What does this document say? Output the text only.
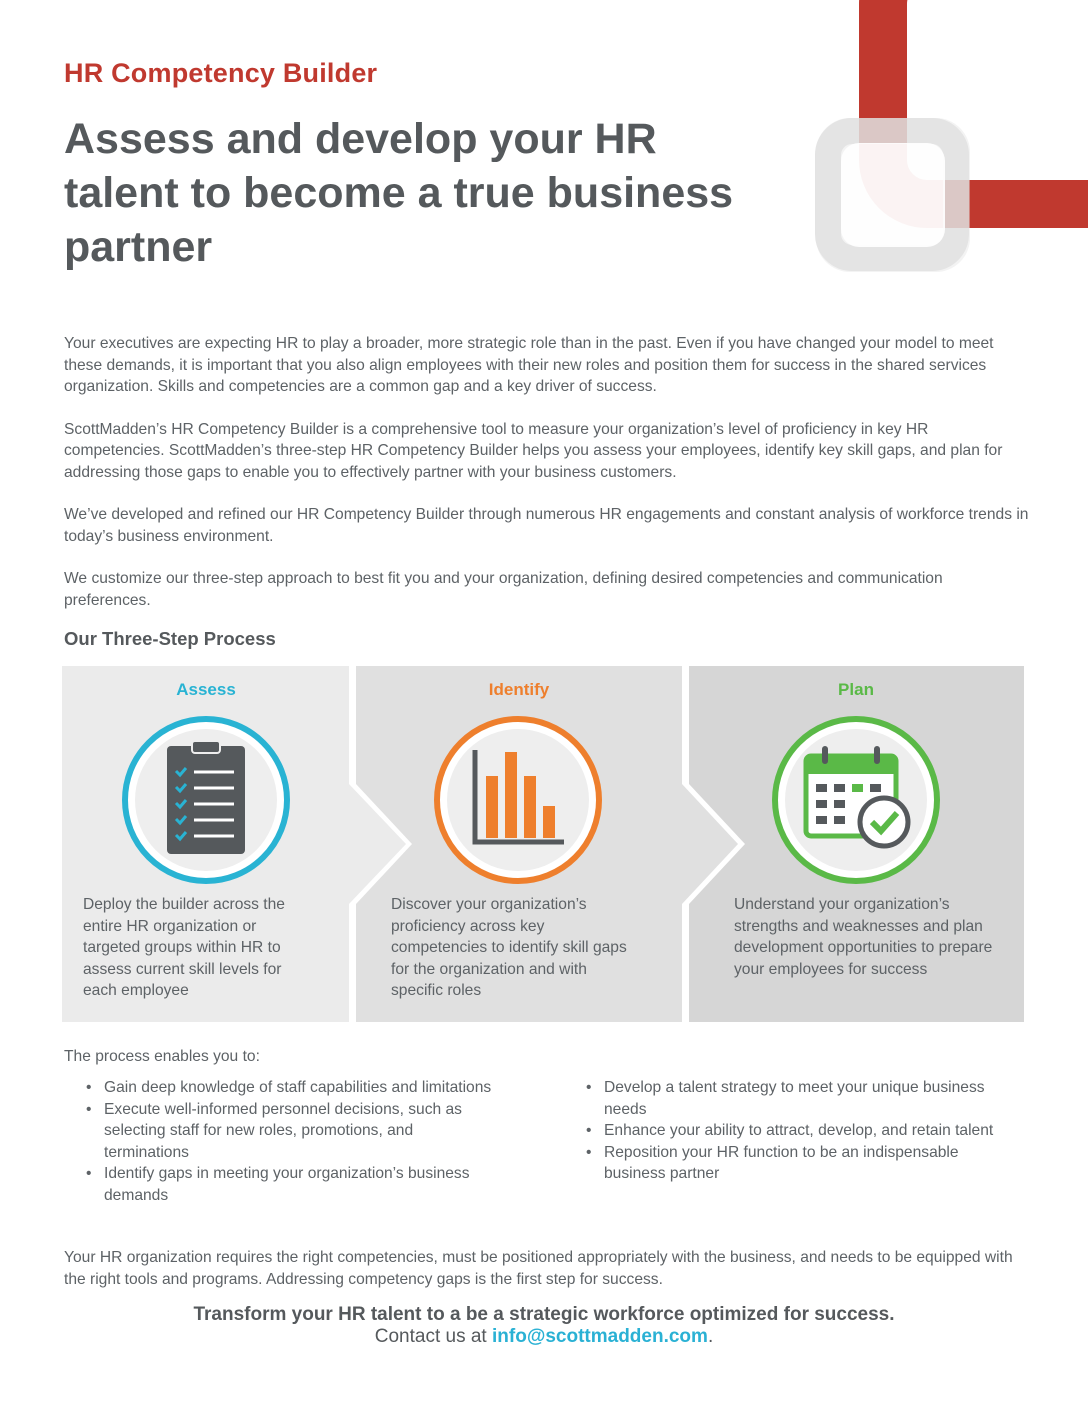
HR Competency Builder
Assess and develop your HR talent to become a true business partner

Your executives are expecting HR to play a broader, more strategic role than in the past. Even if you have changed your model to meet these demands, it is important that you also align employees with their new roles and position them for success in the shared services organization. Skills and competencies are a common gap and a key driver of success.

ScottMadden’s HR Competency Builder is a comprehensive tool to measure your organization’s level of proficiency in key HR competencies. ScottMadden’s three-step HR Competency Builder helps you assess your employees, identify key skill gaps, and plan for addressing those gaps to enable you to effectively partner with your business customers.

We’ve developed and refined our HR Competency Builder through numerous HR engagements and constant analysis of workforce trends in today’s business environment.

We customize our three-step approach to best fit you and your organization, defining desired competencies and communication preferences.

Our Three-Step Process
Assess

Deploy the builder across the entire HR organization or targeted groups within HR to assess current skill levels for each employee

Identify

Discover your organization’s proficiency across key competencies to identify skill gaps for the organization and with specific roles

Plan

Understand your organization’s strengths and weaknesses and plan development opportunities to prepare your employees for success

The process enables you to:

• Gain deep knowledge of staff capabilities and limitations
• Execute well-informed personnel decisions, such as selecting staff for new roles, promotions, and terminations
• Identify gaps in meeting your organization’s business demands
• Develop a talent strategy to meet your unique business needs
• Enhance your ability to attract, develop, and retain talent
• Reposition your HR function to be an indispensable business partner

Your HR organization requires the right competencies, must be positioned appropriately with the business, and needs to be equipped with the right tools and programs. Addressing competency gaps is the first step for success.

Transform your HR talent to a be a strategic workforce optimized for success.

Contact us at info@scottmadden.com.
